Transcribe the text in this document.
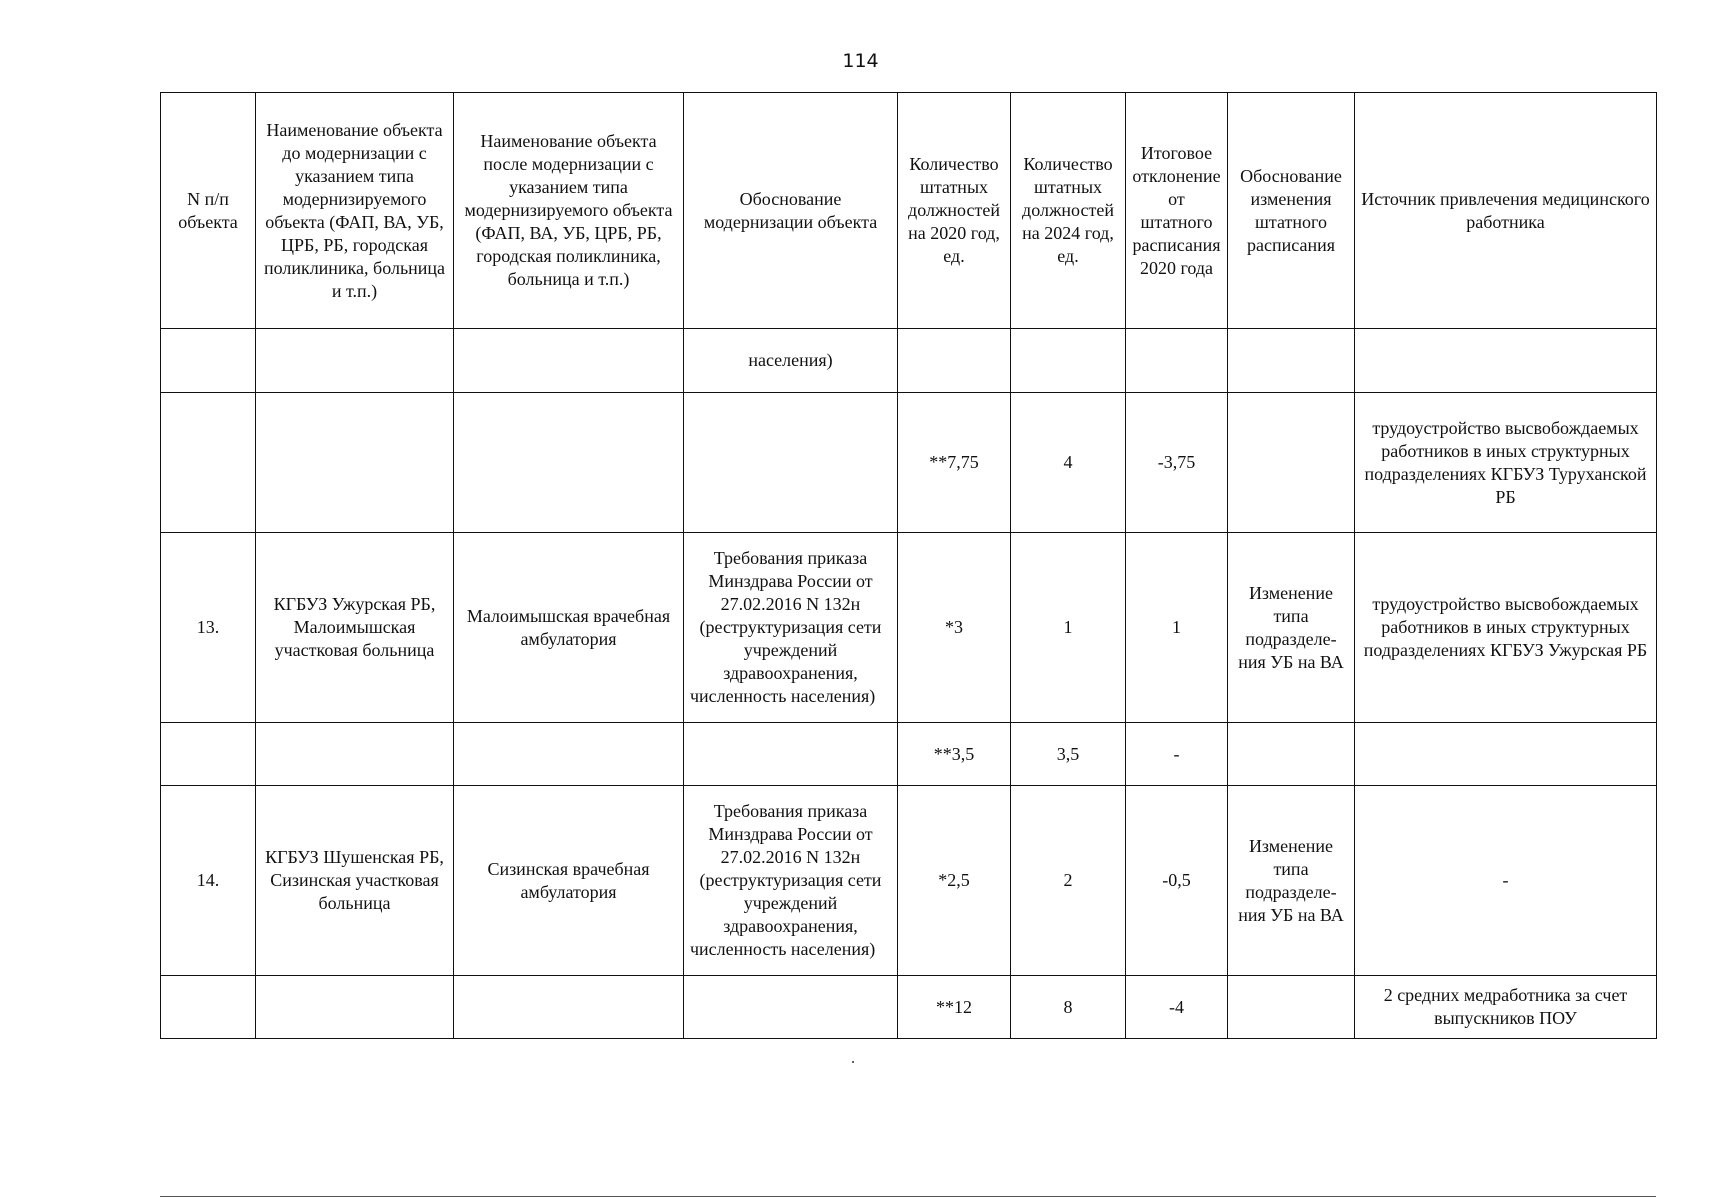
114
N п/п объекта	Наименование объекта до модернизации с указанием типа модернизируемого объекта (ФАП, ВА, УБ, ЦРБ, РБ, городская поликлиника, больница и т.п.)	Наименование объекта после модернизации с указанием типа модернизируемого объекта (ФАП, ВА, УБ, ЦРБ, РБ, городская поликлиника, больница и т.п.)	Обоснование модернизации объекта	Количество штатных должностей на 2020 год, ед.	Количество штатных должностей на 2024 год, ед.	Итоговое отклонение от штатного расписания 2020 года	Обоснование изменения штатного расписания	Источник привлечения медицинского работника
			населения)					
				**7,75	4	-3,75		трудоустройство высвобождаемых работников в иных структурных подразделениях КГБУЗ Туруханской РБ
13.	КГБУЗ Ужурская РБ, Малоимышская участковая больница	Малоимышская врачебная амбулатория	Требования приказа Минздрава России от 27.02.2016 N 132н (реструктуризация сети учреждений здравоохранения, численность населения)	*3	1	1	Изменение типа подразделе-ния УБ на ВА	трудоустройство высвобождаемых работников в иных структурных подразделениях КГБУЗ Ужурская РБ
				**3,5	3,5	-		
14.	КГБУЗ Шушенская РБ, Сизинская участковая больница	Сизинская врачебная амбулатория	Требования приказа Минздрава России от 27.02.2016 N 132н (реструктуризация сети учреждений здравоохранения, численность населения)	*2,5	2	-0,5	Изменение типа подразделе-ния УБ на ВА	-
				**12	8	-4		2 средних медработника за счет выпускников ПОУ
